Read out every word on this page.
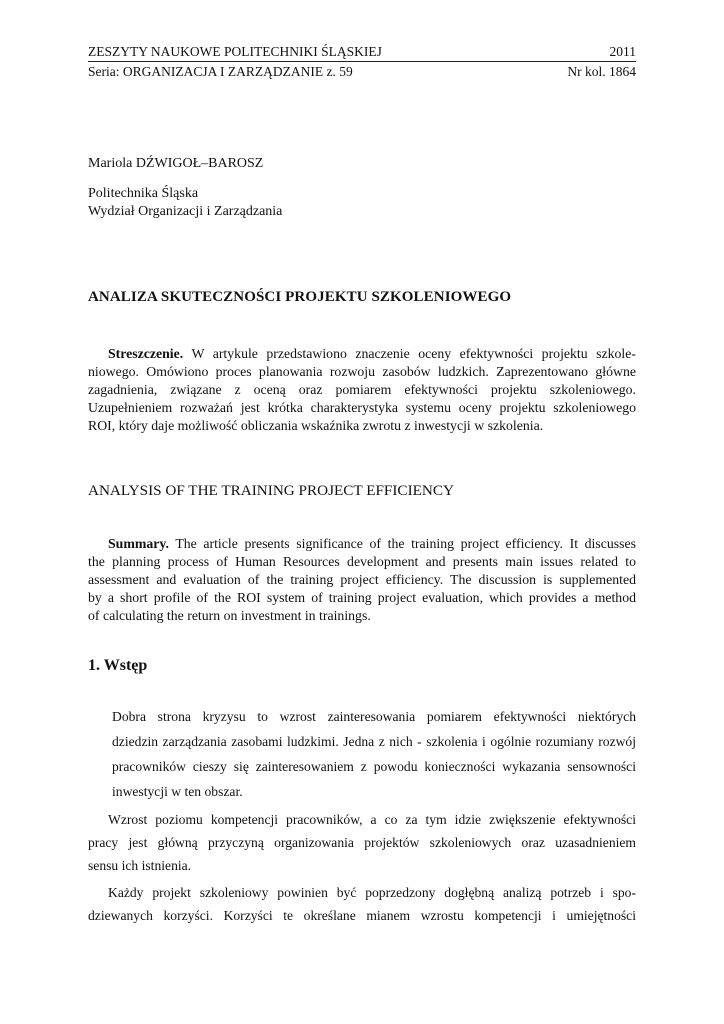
ZESZYTY NAUKOWE POLITECHNIKI ŚLĄSKIEJ	2011
Seria: ORGANIZACJA I ZARZĄDZANIE z. 59	Nr kol. 1864
Mariola DŹWIGOŁ–BAROSZ
Politechnika Śląska
Wydział Organizacji i Zarządzania
ANALIZA SKUTECZNOŚCI PROJEKTU SZKOLENIOWEGO
Streszczenie. W artykule przedstawiono znaczenie oceny efektywności projektu szkole-
niowego. Omówiono proces planowania rozwoju zasobów ludzkich. Zaprezentowano główne
zagadnienia, związane z oceną oraz pomiarem efektywności projektu szkoleniowego.
Uzupełnieniem rozważań jest krótka charakterystyka systemu oceny projektu szkoleniowego
ROI, który daje możliwość obliczania wskaźnika zwrotu z inwestycji w szkolenia.
ANALYSIS OF THE TRAINING PROJECT EFFICIENCY
Summary. The article presents significance of the training project efficiency. It discusses
the planning process of Human Resources development and presents main issues related to
assessment and evaluation of the training project efficiency. The discussion is supplemented
by a short profile of the ROI system of training project evaluation, which provides a method
of calculating the return on investment in trainings.
1. Wstęp
Dobra strona kryzysu to wzrost zainteresowania pomiarem efektywności niektórych
dziedzin zarządzania zasobami ludzkimi. Jedna z nich - szkolenia i ogólnie rozumiany rozwój
pracowników cieszy się zainteresowaniem z powodu konieczności wykazania sensowności
inwestycji w ten obszar.
Wzrost poziomu kompetencji pracowników, a co za tym idzie zwiększenie efektywności
pracy jest główną przyczyną organizowania projektów szkoleniowych oraz uzasadnieniem
sensu ich istnienia.
Każdy projekt szkoleniowy powinien być poprzedzony dogłębną analizą potrzeb i spo-
dziewanych korzyści. Korzyści te określane mianem wzrostu kompetencji i umiejętności
